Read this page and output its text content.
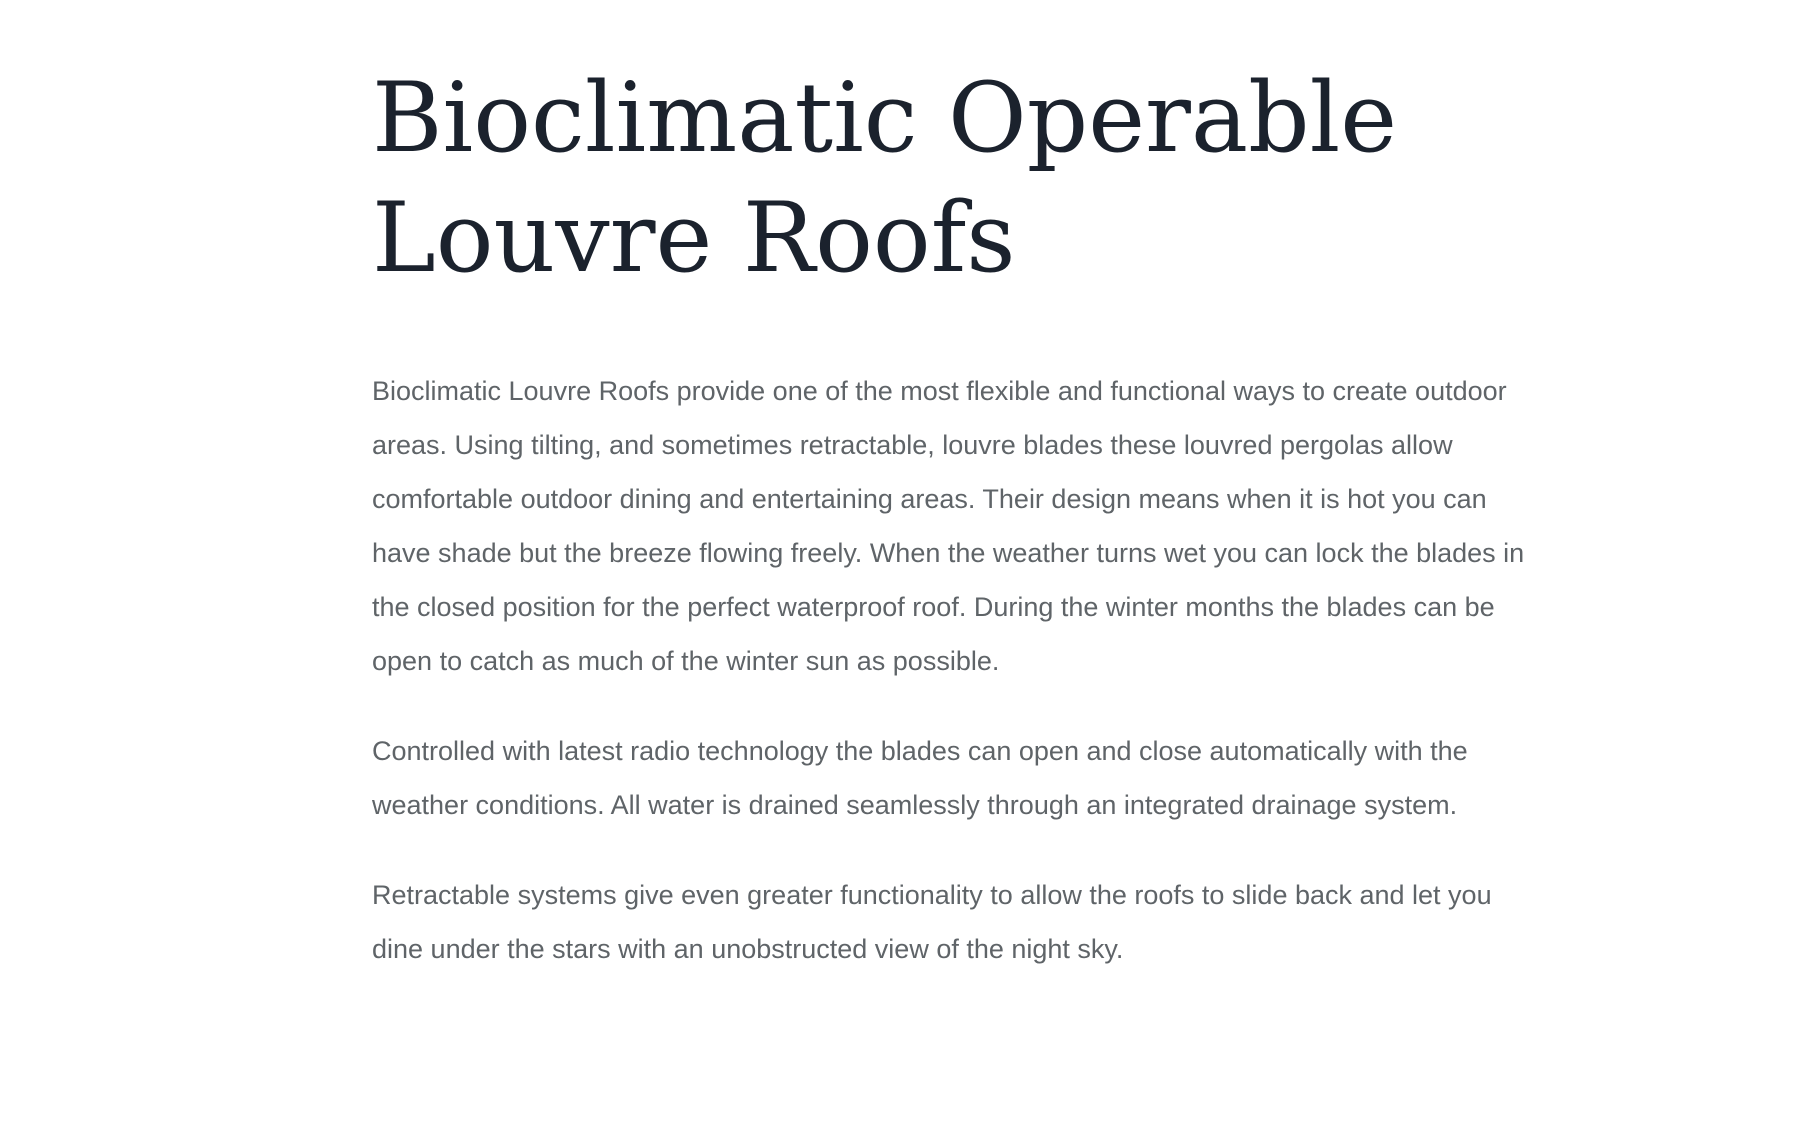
Bioclimatic Operable Louvre Roofs

Bioclimatic Louvre Roofs provide one of the most flexible and functional ways to create outdoor areas. Using tilting, and sometimes retractable, louvre blades these louvred pergolas allow comfortable outdoor dining and entertaining areas. Their design means when it is hot you can have shade but the breeze flowing freely. When the weather turns wet you can lock the blades in the closed position for the perfect waterproof roof. During the winter months the blades can be open to catch as much of the winter sun as possible.

Controlled with latest radio technology the blades can open and close automatically with the weather conditions. All water is drained seamlessly through an integrated drainage system.

Retractable systems give even greater functionality to allow the roofs to slide back and let you dine under the stars with an unobstructed view of the night sky.
